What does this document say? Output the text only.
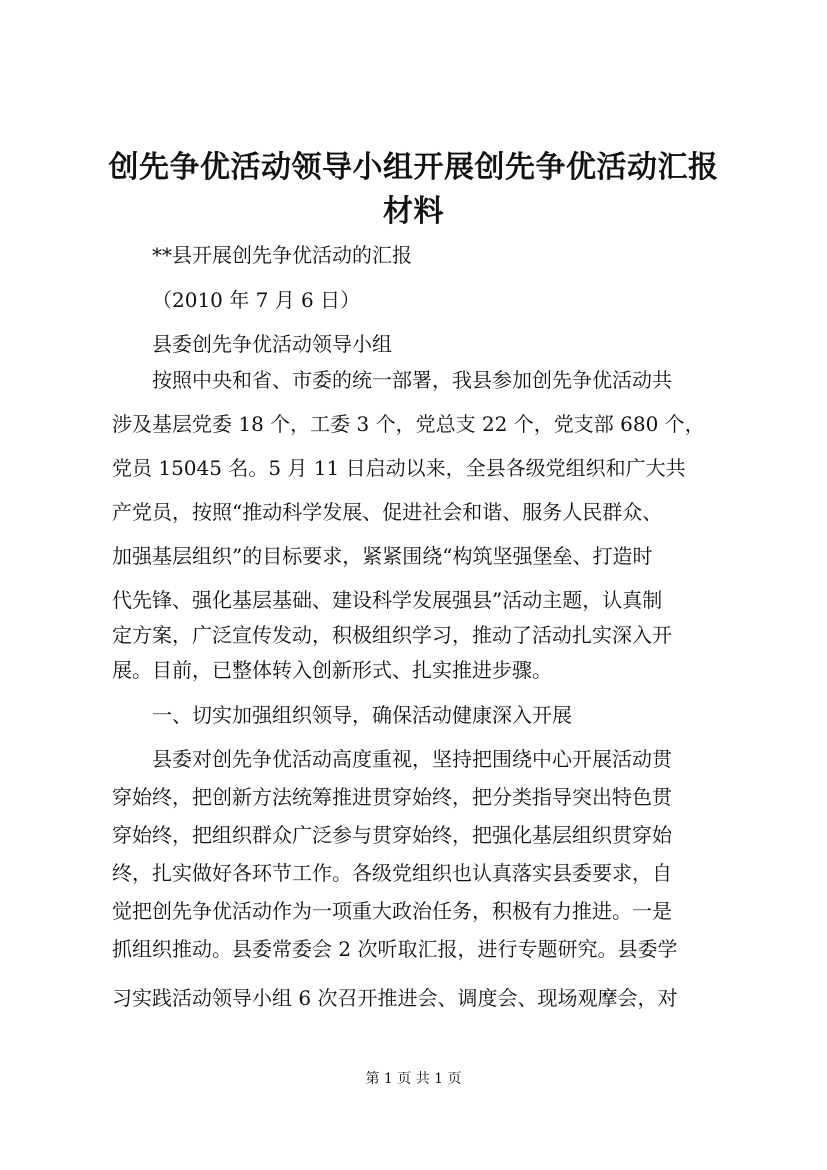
创先争优活动领导小组开展创先争优活动汇报
材料
**县开展创先争优活动的汇报
（2010 年 7 月 6 日）
县委创先争优活动领导小组
按照中央和省、市委的统一部署，我县参加创先争优活动共
涉及基层党委 18 个，工委 3 个，党总支 22 个，党支部 680 个，
党员 15045 名。5 月 11 日启动以来，全县各级党组织和广大共
产党员，按照“推动科学发展、促进社会和谐、服务人民群众、
加强基层组织”的目标要求，紧紧围绕“构筑坚强堡垒、打造时
代先锋、强化基层基础、建设科学发展强县”活动主题，认真制
定方案，广泛宣传发动，积极组织学习，推动了活动扎实深入开
展。目前，已整体转入创新形式、扎实推进步骤。
一、切实加强组织领导，确保活动健康深入开展
县委对创先争优活动高度重视，坚持把围绕中心开展活动贯
穿始终，把创新方法统筹推进贯穿始终，把分类指导突出特色贯
穿始终，把组织群众广泛参与贯穿始终，把强化基层组织贯穿始
终，扎实做好各环节工作。各级党组织也认真落实县委要求，自
觉把创先争优活动作为一项重大政治任务，积极有力推进。一是
抓组织推动。县委常委会 2 次听取汇报，进行专题研究。县委学
习实践活动领导小组 6 次召开推进会、调度会、现场观摩会，对
第 1 页 共 1 页
